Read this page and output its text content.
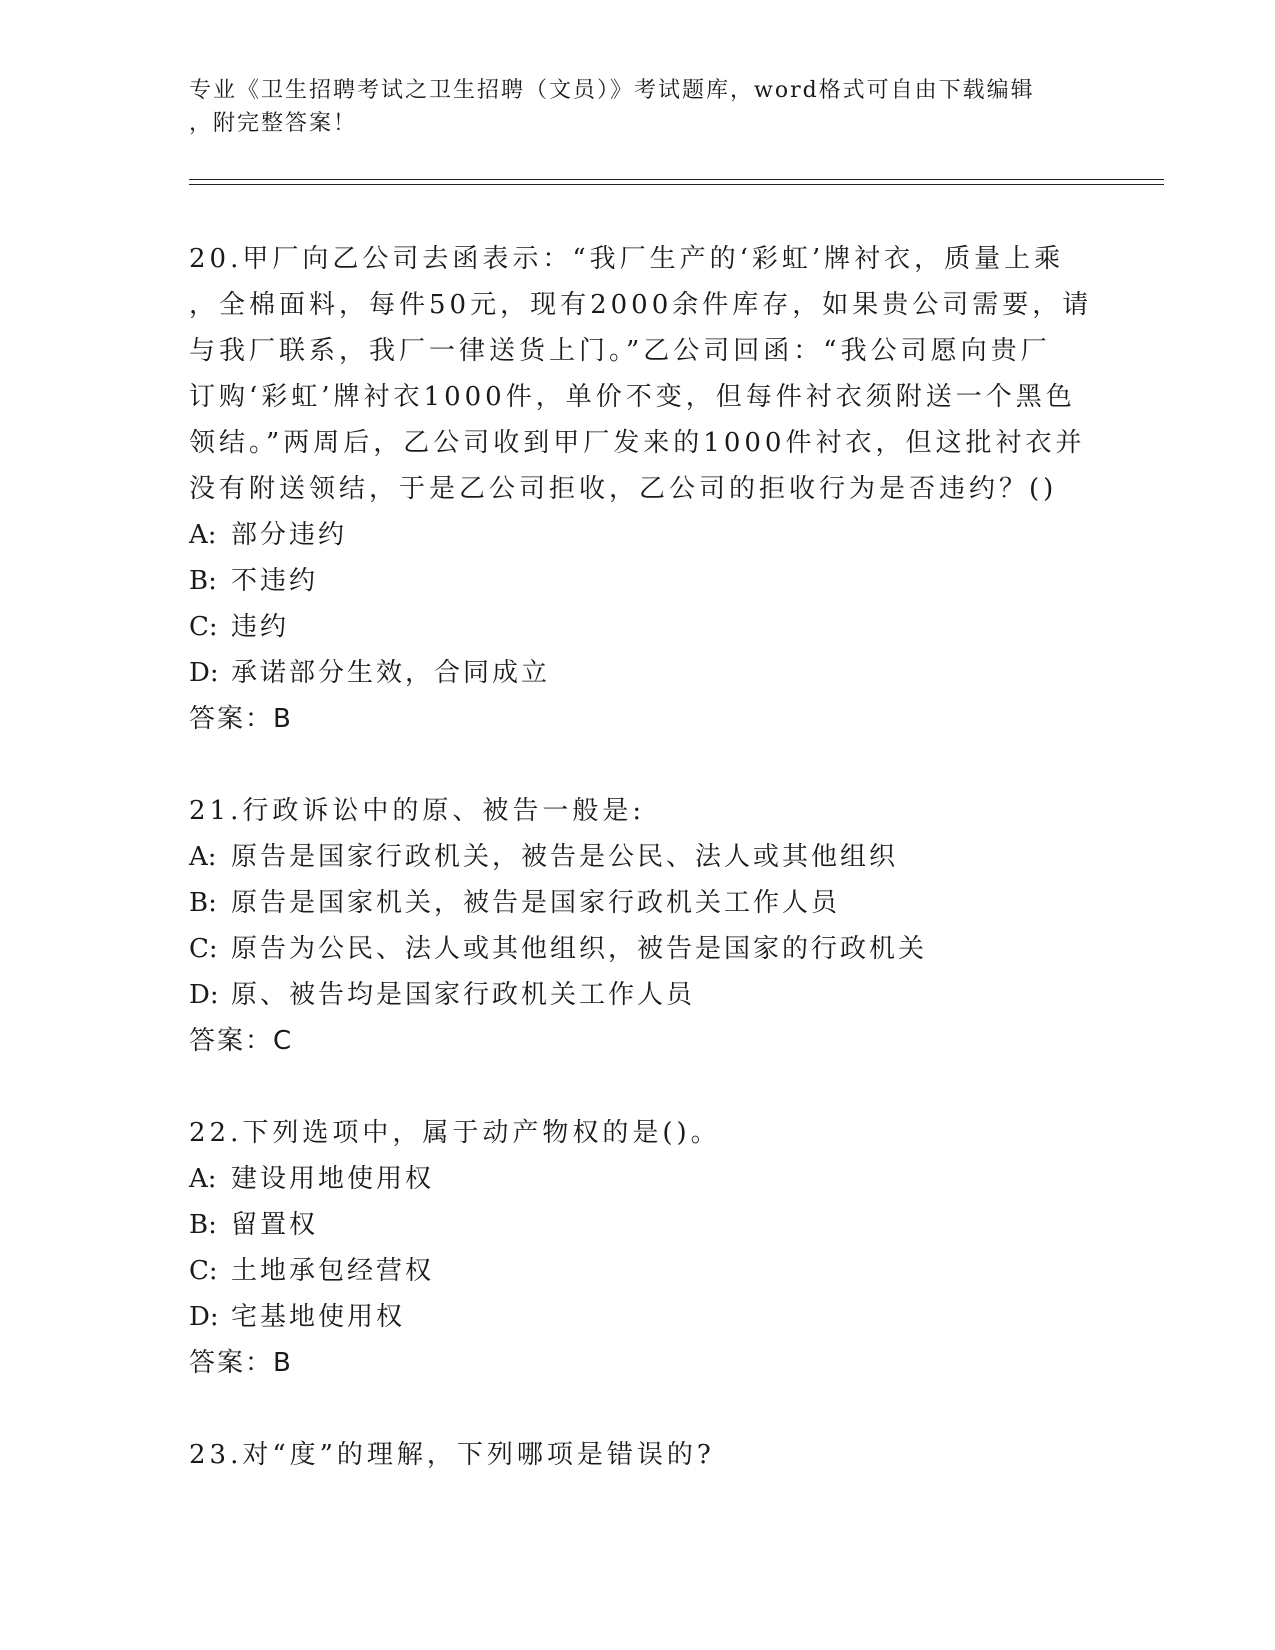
专业《卫生招聘考试之卫生招聘（文员）》考试题库，word格式可自由下载编辑
，附完整答案！
20.甲厂向乙公司去函表示：“我厂生产的‘彩虹’牌衬衣，质量上乘
，全棉面料，每件50元，现有2000余件库存，如果贵公司需要，请
与我厂联系，我厂一律送货上门。”乙公司回函：“我公司愿向贵厂
订购‘彩虹’牌衬衣1000件，单价不变，但每件衬衣须附送一个黑色
领结。”两周后，乙公司收到甲厂发来的1000件衬衣，但这批衬衣并
没有附送领结，于是乙公司拒收，乙公司的拒收行为是否违约？()
A: 部分违约
B: 不违约
C: 违约
D: 承诺部分生效，合同成立
答案：B
21.行政诉讼中的原、被告一般是:
A: 原告是国家行政机关，被告是公民、法人或其他组织
B: 原告是国家机关，被告是国家行政机关工作人员
C: 原告为公民、法人或其他组织，被告是国家的行政机关
D: 原、被告均是国家行政机关工作人员
答案：C
22.下列选项中，属于动产物权的是()。
A: 建设用地使用权
B: 留置权
C: 土地承包经营权
D: 宅基地使用权
答案：B
23.对“度”的理解，下列哪项是错误的?
